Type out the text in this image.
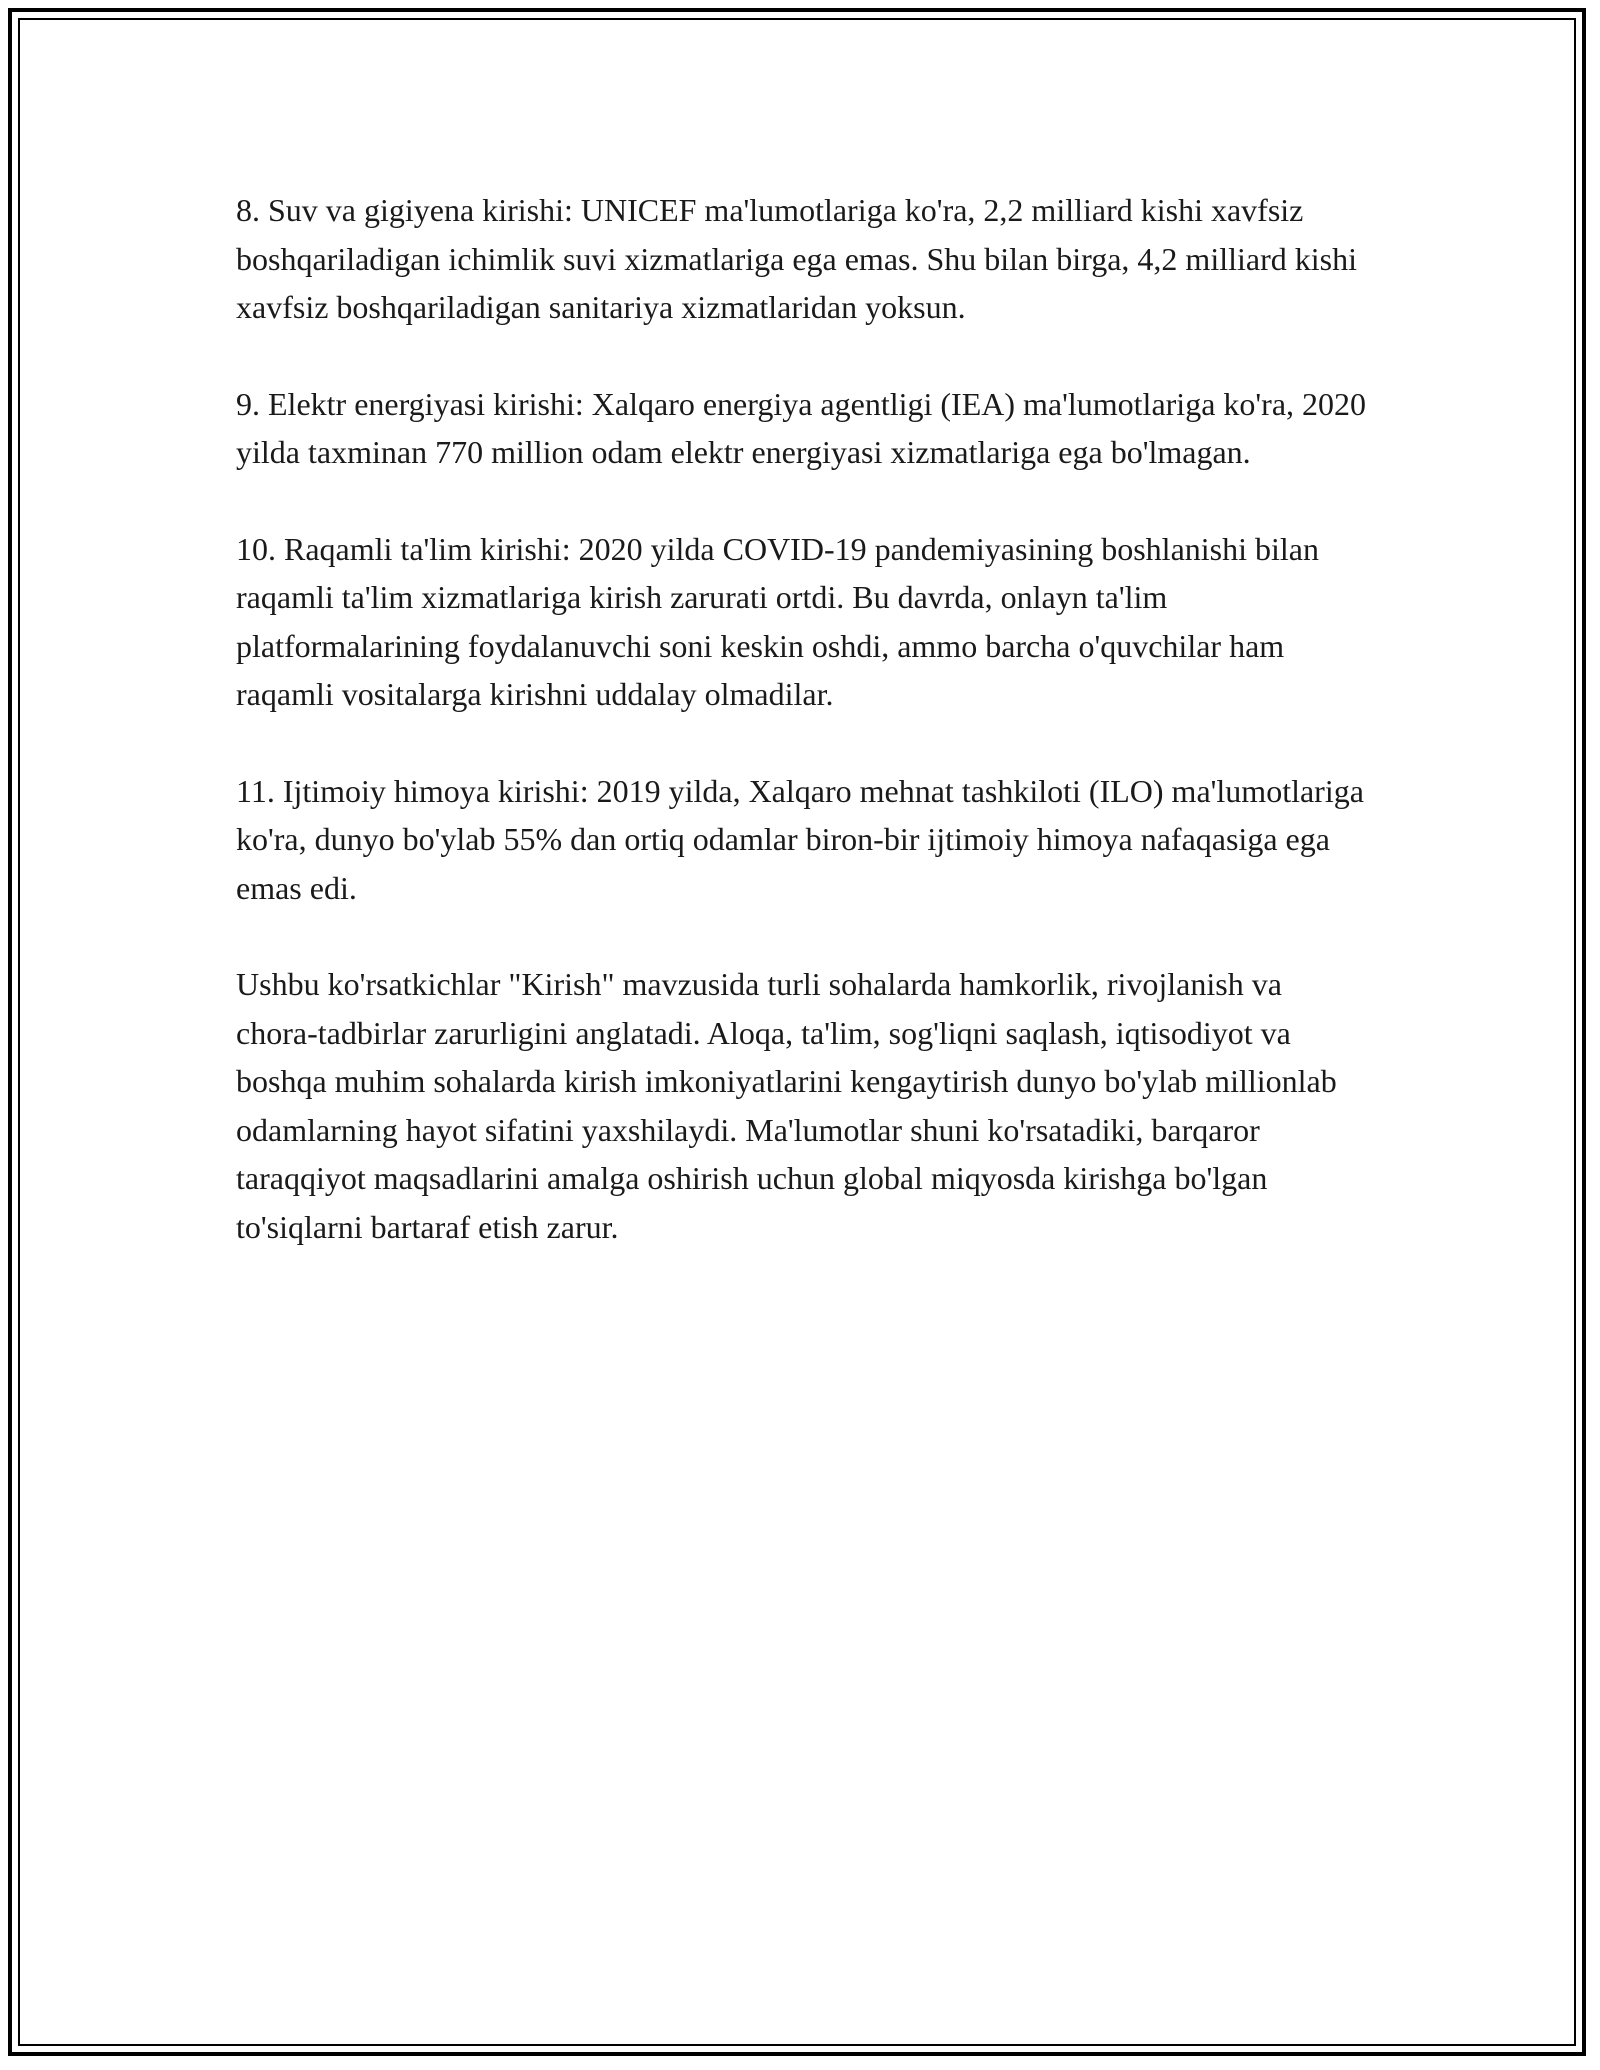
8. Suv va gigiyena kirishi: UNICEF ma'lumotlariga ko'ra, 2,2 milliard kishi xavfsiz boshqariladigan ichimlik suvi xizmatlariga ega emas. Shu bilan birga, 4,2 milliard kishi xavfsiz boshqariladigan sanitariya xizmatlaridan yoksun.

9. Elektr energiyasi kirishi: Xalqaro energiya agentligi (IEA) ma'lumotlariga ko'ra, 2020 yilda taxminan 770 million odam elektr energiyasi xizmatlariga ega bo'lmagan.

10. Raqamli ta'lim kirishi: 2020 yilda COVID-19 pandemiyasining boshlanishi bilan raqamli ta'lim xizmatlariga kirish zarurati ortdi. Bu davrda, onlayn ta'lim platformalarining foydalanuvchi soni keskin oshdi, ammo barcha o'quvchilar ham raqamli vositalarga kirishni uddalay olmadilar.

11. Ijtimoiy himoya kirishi: 2019 yilda, Xalqaro mehnat tashkiloti (ILO) ma'lumotlariga ko'ra, dunyo bo'ylab 55% dan ortiq odamlar biron-bir ijtimoiy himoya nafaqasiga ega emas edi.

Ushbu ko'rsatkichlar "Kirish" mavzusida turli sohalarda hamkorlik, rivojlanish va chora-tadbirlar zarurligini anglatadi. Aloqa, ta'lim, sog'liqni saqlash, iqtisodiyot va boshqa muhim sohalarda kirish imkoniyatlarini kengaytirish dunyo bo'ylab millionlab odamlarning hayot sifatini yaxshilaydi. Ma'lumotlar shuni ko'rsatadiki, barqaror taraqqiyot maqsadlarini amalga oshirish uchun global miqyosda kirishga bo'lgan to'siqlarni bartaraf etish zarur.
